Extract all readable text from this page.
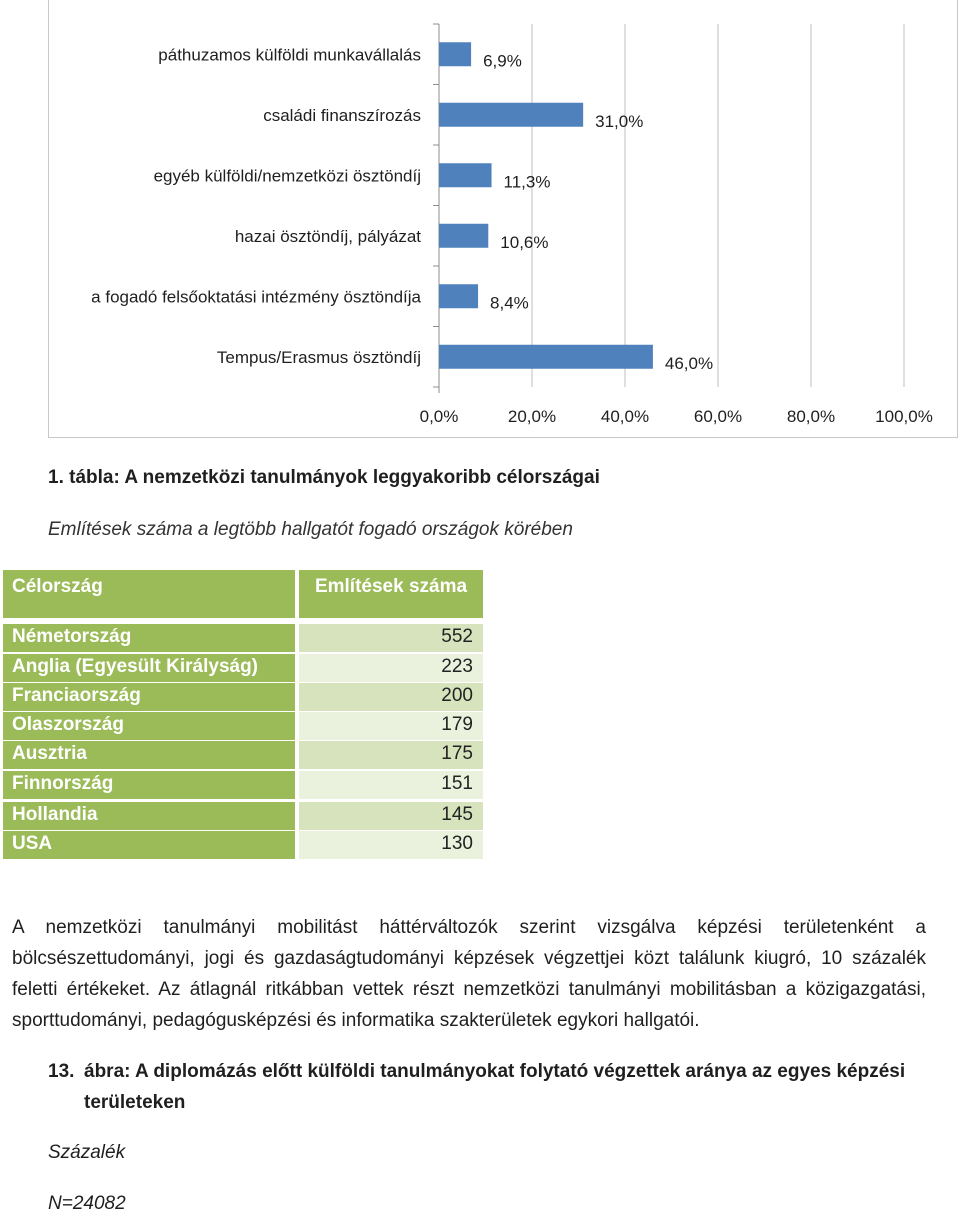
páthuzamos külföldi munkavállalás	6,9%
családi finanszírozás	31,0%
egyéb külföldi/nemzetközi ösztöndíj	11,3%
hazai ösztöndíj, pályázat	10,6%
a fogadó felsőoktatási intézmény ösztöndíja	8,4%
Tempus/Erasmus ösztöndíj	46,0%
0,0%	20,0%	40,0%	60,0%	80,0% 100,0%
1. tábla: A nemzetközi tanulmányok leggyakoribb célországai
Említések száma a legtöbb hallgatót fogadó országok körében
Célország	Említések száma
Németország	552
Anglia (Egyesült Királyság)	223
Franciaország	200
Olaszország	179
Ausztria	175
Finnország	151
Hollandia	145
USA	130
A nemzetközi tanulmányi mobilitást háttérváltozók szerint vizsgálva képzési területenként a bölcsészettudományi, jogi és gazdaságtudományi képzések végzettjei közt találunk kiugró, 10 százalék feletti értékeket. Az átlagnál ritkábban vettek részt nemzetközi tanulmányi mobilitásban a közigazgatási, sporttudományi, pedagógusképzési és informatika szakterületek egykori hallgatói.
13. ábra: A diplomázás előtt külföldi tanulmányokat folytató végzettek aránya az egyes képzési
területeken
Százalék
N=24082
